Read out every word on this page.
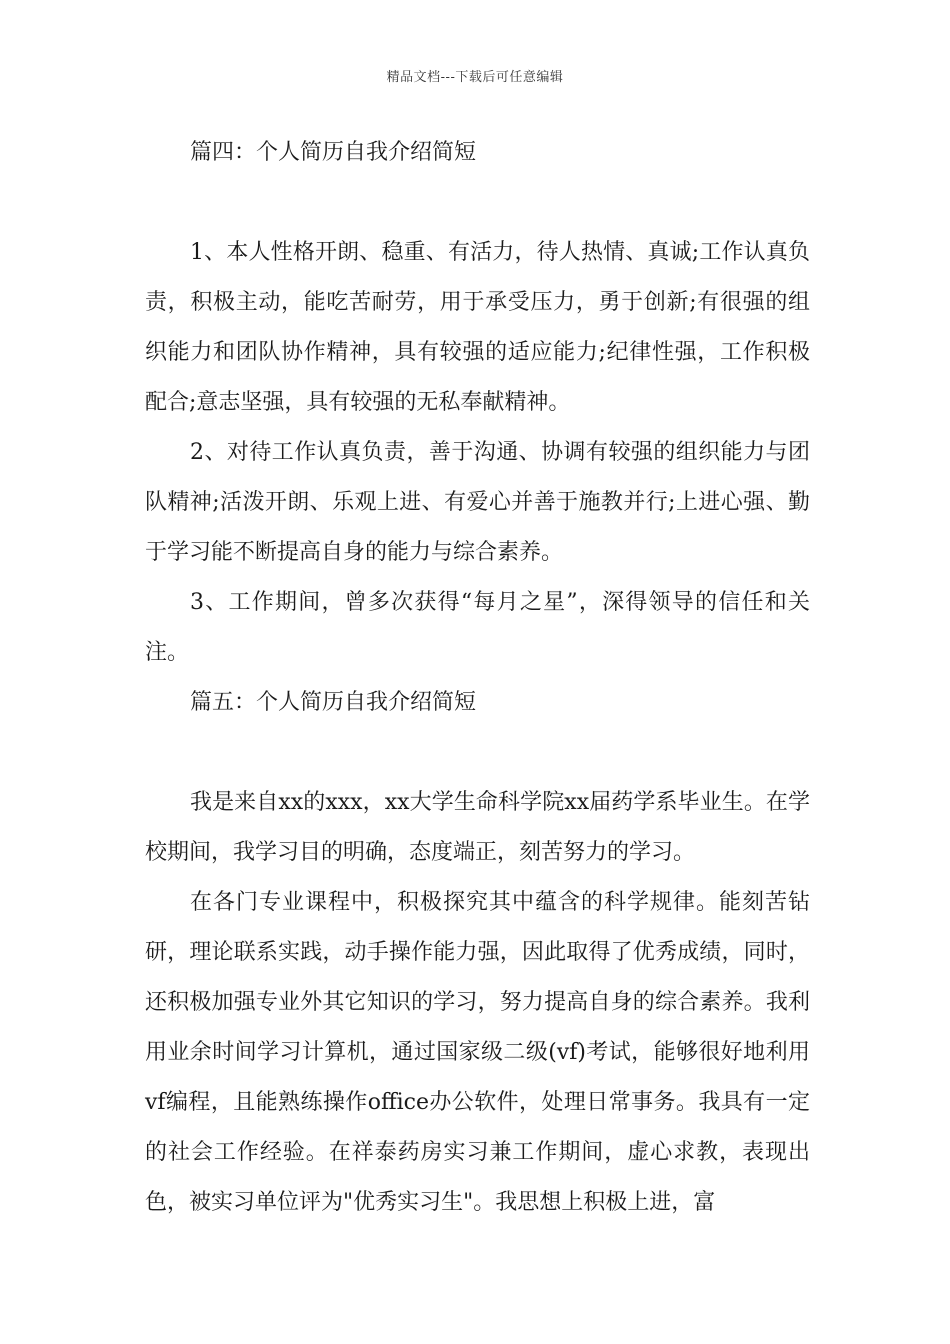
精品文档---下载后可任意编辑

篇四：个人简历自我介绍简短

1、本人性格开朗、稳重、有活力，待人热情、真诚;工作认真负责，积极主动，能吃苦耐劳，用于承受压力，勇于创新;有很强的组织能力和团队协作精神，具有较强的适应能力;纪律性强，工作积极配合;意志坚强，具有较强的无私奉献精神。

2、对待工作认真负责，善于沟通、协调有较强的组织能力与团队精神;活泼开朗、乐观上进、有爱心并善于施教并行;上进心强、勤于学习能不断提高自身的能力与综合素养。

3、工作期间，曾多次获得“每月之星”，深得领导的信任和关注。

篇五：个人简历自我介绍简短

我是来自xx的xxx，xx大学生命科学院xx届药学系毕业生。在学校期间，我学习目的明确，态度端正，刻苦努力的学习。

在各门专业课程中，积极探究其中蕴含的科学规律。能刻苦钻研，理论联系实践，动手操作能力强，因此取得了优秀成绩，同时，还积极加强专业外其它知识的学习，努力提高自身的综合素养。我利用业余时间学习计算机，通过国家级二级(vf)考试，能够很好地利用vf编程，且能熟练操作office办公软件，处理日常事务。我具有一定的社会工作经验。在祥泰药房实习兼工作期间，虚心求教，表现出色，被实习单位评为"优秀实习生"。我思想上积极上进，富
